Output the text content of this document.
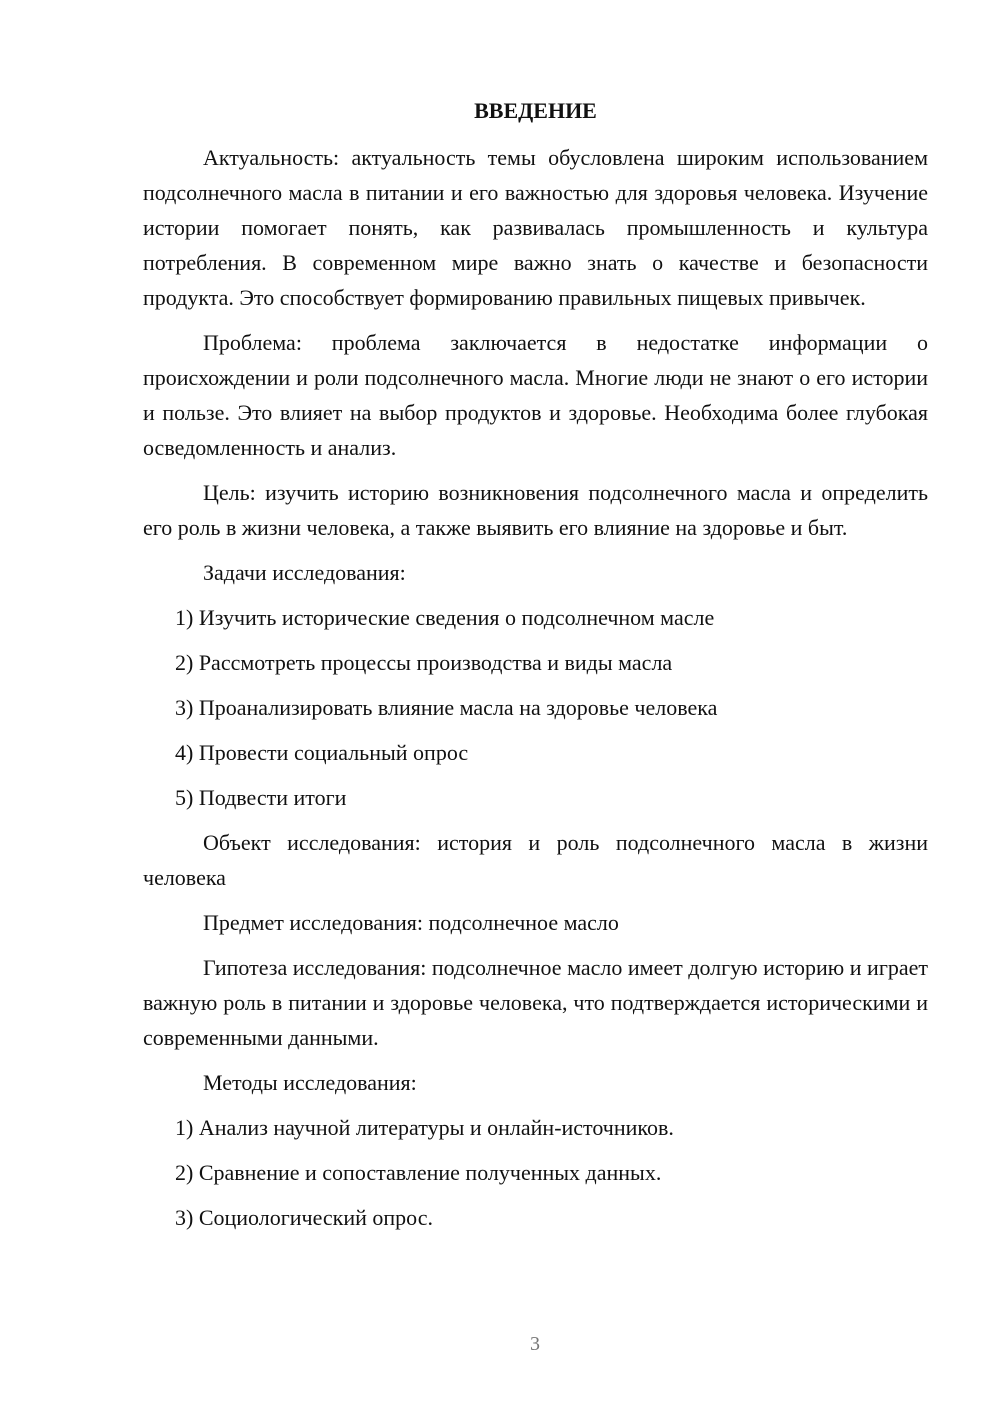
ВВЕДЕНИЕ

Актуальность: актуальность темы обусловлена широким использованием подсолнечного масла в питании и его важностью для здоровья человека. Изучение истории помогает понять, как развивалась промышленность и культура потребления. В современном мире важно знать о качестве и безопасности продукта. Это способствует формированию правильных пищевых привычек.

Проблема: проблема заключается в недостатке информации о происхождении и роли подсолнечного масла. Многие люди не знают о его истории и пользе. Это влияет на выбор продуктов и здоровье. Необходима более глубокая осведомленность и анализ.

Цель: изучить историю возникновения подсолнечного масла и определить его роль в жизни человека, а также выявить его влияние на здоровье и быт.

Задачи исследования:

1) Изучить исторические сведения о подсолнечном масле
2) Рассмотреть процессы производства и виды масла
3) Проанализировать влияние масла на здоровье человека
4) Провести социальный опрос
5) Подвести итоги

Объект исследования: история и роль подсолнечного масла в жизни человека

Предмет исследования: подсолнечное масло

Гипотеза исследования: подсолнечное масло имеет долгую историю и играет важную роль в питании и здоровье человека, что подтверждается историческими и современными данными.

Методы исследования:

1) Анализ научной литературы и онлайн-источников.
2) Сравнение и сопоставление полученных данных.
3) Социологический опрос.
3
